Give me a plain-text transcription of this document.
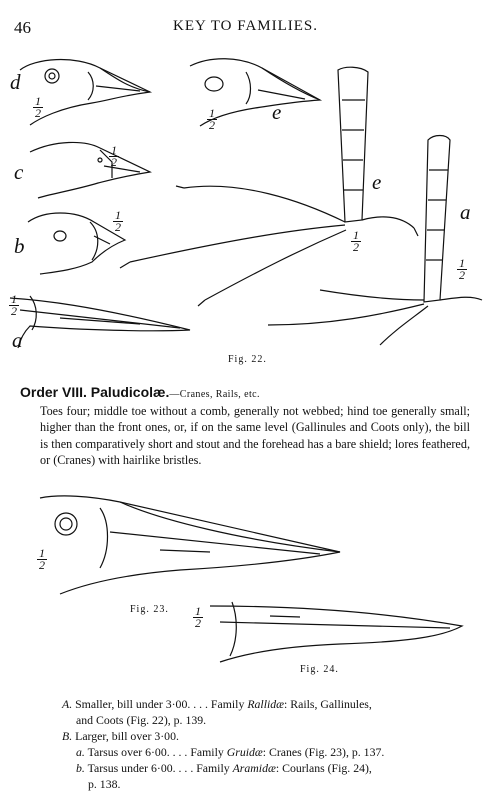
46	KEY TO FAMILIES.
d
e
c	e
b
a
a
1
2	1
2
1
2
1
2
1
2
1
2
1
2
Fig. 22.
Order VIII. Paludicolæ.—Cranes, Rails, etc.
Toes four; middle toe without a comb, generally not webbed; hind toe generally small; higher than the front ones, or, if on the same level (Gallinules and Coots only), the bill is then comparatively short and stout and the forehead has a bare shield; lores feathered, or (Cranes) with hairlike bristles.
1
2
1
2
Fig. 23.
Fig. 24.
A. Smaller, bill under 3·00. . . . Family Rallidæ: Rails, Gallinules,
and Coots (Fig. 22), p. 139.
B. Larger, bill over 3·00.
a. Tarsus over 6·00. . . . Family Gruidæ: Cranes (Fig. 23), p. 137.
b. Tarsus under 6·00. . . . Family Aramidæ: Courlans (Fig. 24),
p. 138.
